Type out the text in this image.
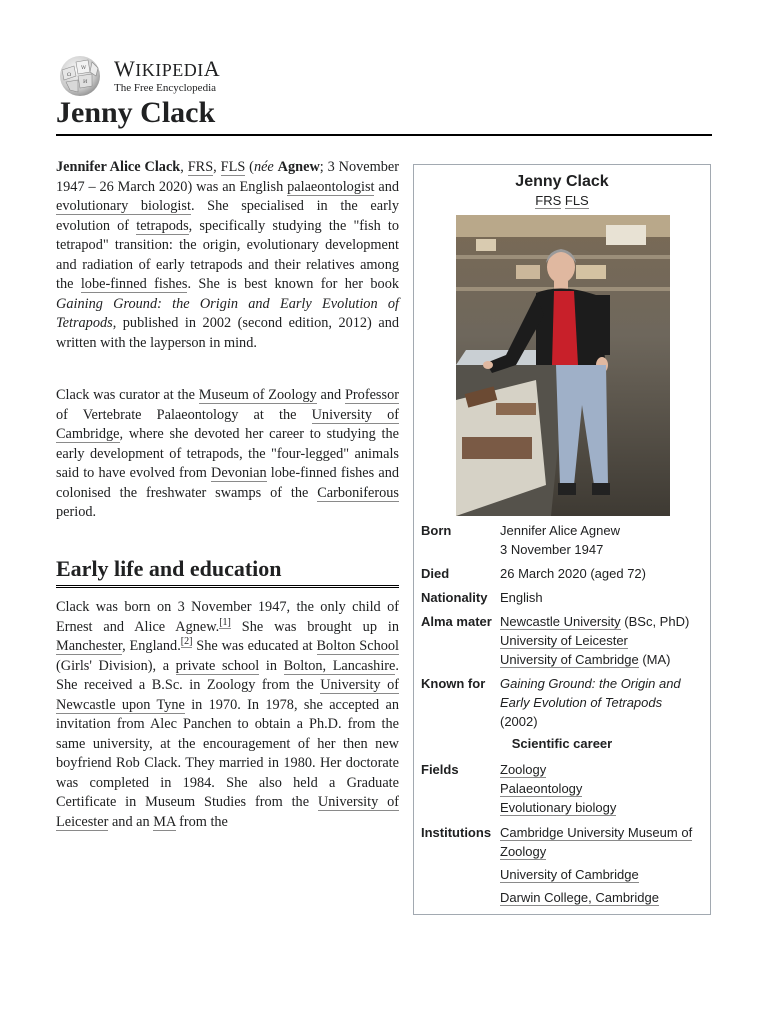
Ω
W
И
WIKIPEDIA
The Free Encyclopedia
Jenny Clack

Jennifer Alice Clack, FRS, FLS (née Agnew; 3 November 1947 – 26 March 2020) was an English palaeontologist and evolutionary biologist. She specialised in the early evolution of tetrapods, specifically studying the "fish to tetrapod" transition: the origin, evolutionary development and radiation of early tetrapods and their relatives among the lobe-finned fishes. She is best known for her book Gaining Ground: the Origin and Early Evolution of Tetrapods, published in 2002 (second edition, 2012) and written with the layperson in mind.

Clack was curator at the Museum of Zoology and Professor of Vertebrate Palaeontology at the University of Cambridge, where she devoted her career to studying the early development of tetrapods, the "four-legged" animals said to have evolved from Devonian lobe-finned fishes and colonised the freshwater swamps of the Carboniferous period.

Early life and education

Clack was born on 3 November 1947, the only child of Ernest and Alice Agnew.[1] She was brought up in Manchester, England.[2] She was educated at Bolton School (Girls' Division), a private school in Bolton, Lancashire. She received a B.Sc. in Zoology from the University of Newcastle upon Tyne in 1970. In 1978, she accepted an invitation from Alec Panchen to obtain a Ph.D. from the same university, at the encouragement of her then new boyfriend Rob Clack. They married in 1980. Her doctorate was completed in 1984. She also held a Graduate Certificate in Museum Studies from the University of Leicester and an MA from the

Jenny Clack
FRS FLS
Born	Jennifer Alice Agnew
3 November 1947
Died	26 March 2020 (aged 72)
Nationality English
Alma mater Newcastle University (BSc, PhD)
University of Leicester
University of Cambridge (MA)
Known for	Gaining Ground: the Origin and Early Evolution of Tetrapods
(2002)
Scientific career
Fields	Zoology
Palaeontology
Evolutionary biology
Institutions Cambridge University Museum of Zoology
University of Cambridge
Darwin College, Cambridge
